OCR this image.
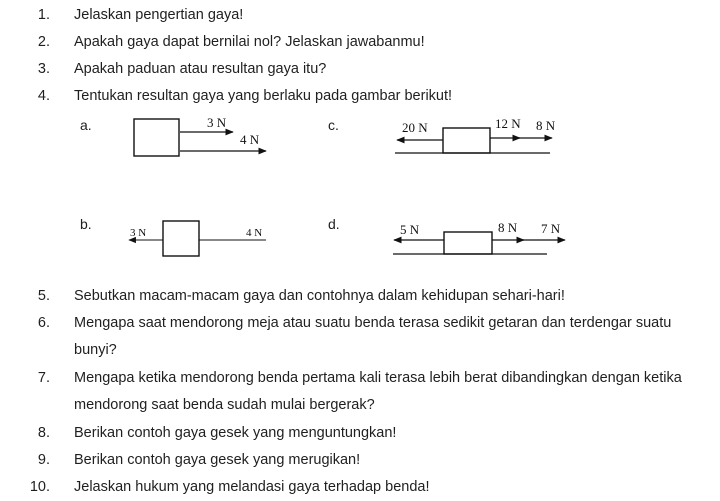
1. Jelaskan pengertian gaya!
2. Apakah gaya dapat bernilai nol? Jelaskan jawabanmu!
3. Apakah paduan atau resultan gaya itu?
4. Tentukan resultan gaya yang berlaku pada gambar berikut!
a.	c.
b.	d.
3 N
4 N
20 N	12 N 8 N
3 N	4 N	5 N	8 N 7 N
5. Sebutkan macam-macam gaya dan contohnya dalam kehidupan sehari-hari!
6. Mengapa saat mendorong meja atau suatu benda terasa sedikit getaran dan terdengar suatu
bunyi?
7. Mengapa ketika mendorong benda pertama kali terasa lebih berat dibandingkan dengan ketika
mendorong saat benda sudah mulai bergerak?
8. Berikan contoh gaya gesek yang menguntungkan!
9. Berikan contoh gaya gesek yang merugikan!
10. Jelaskan hukum yang melandasi gaya terhadap benda!
